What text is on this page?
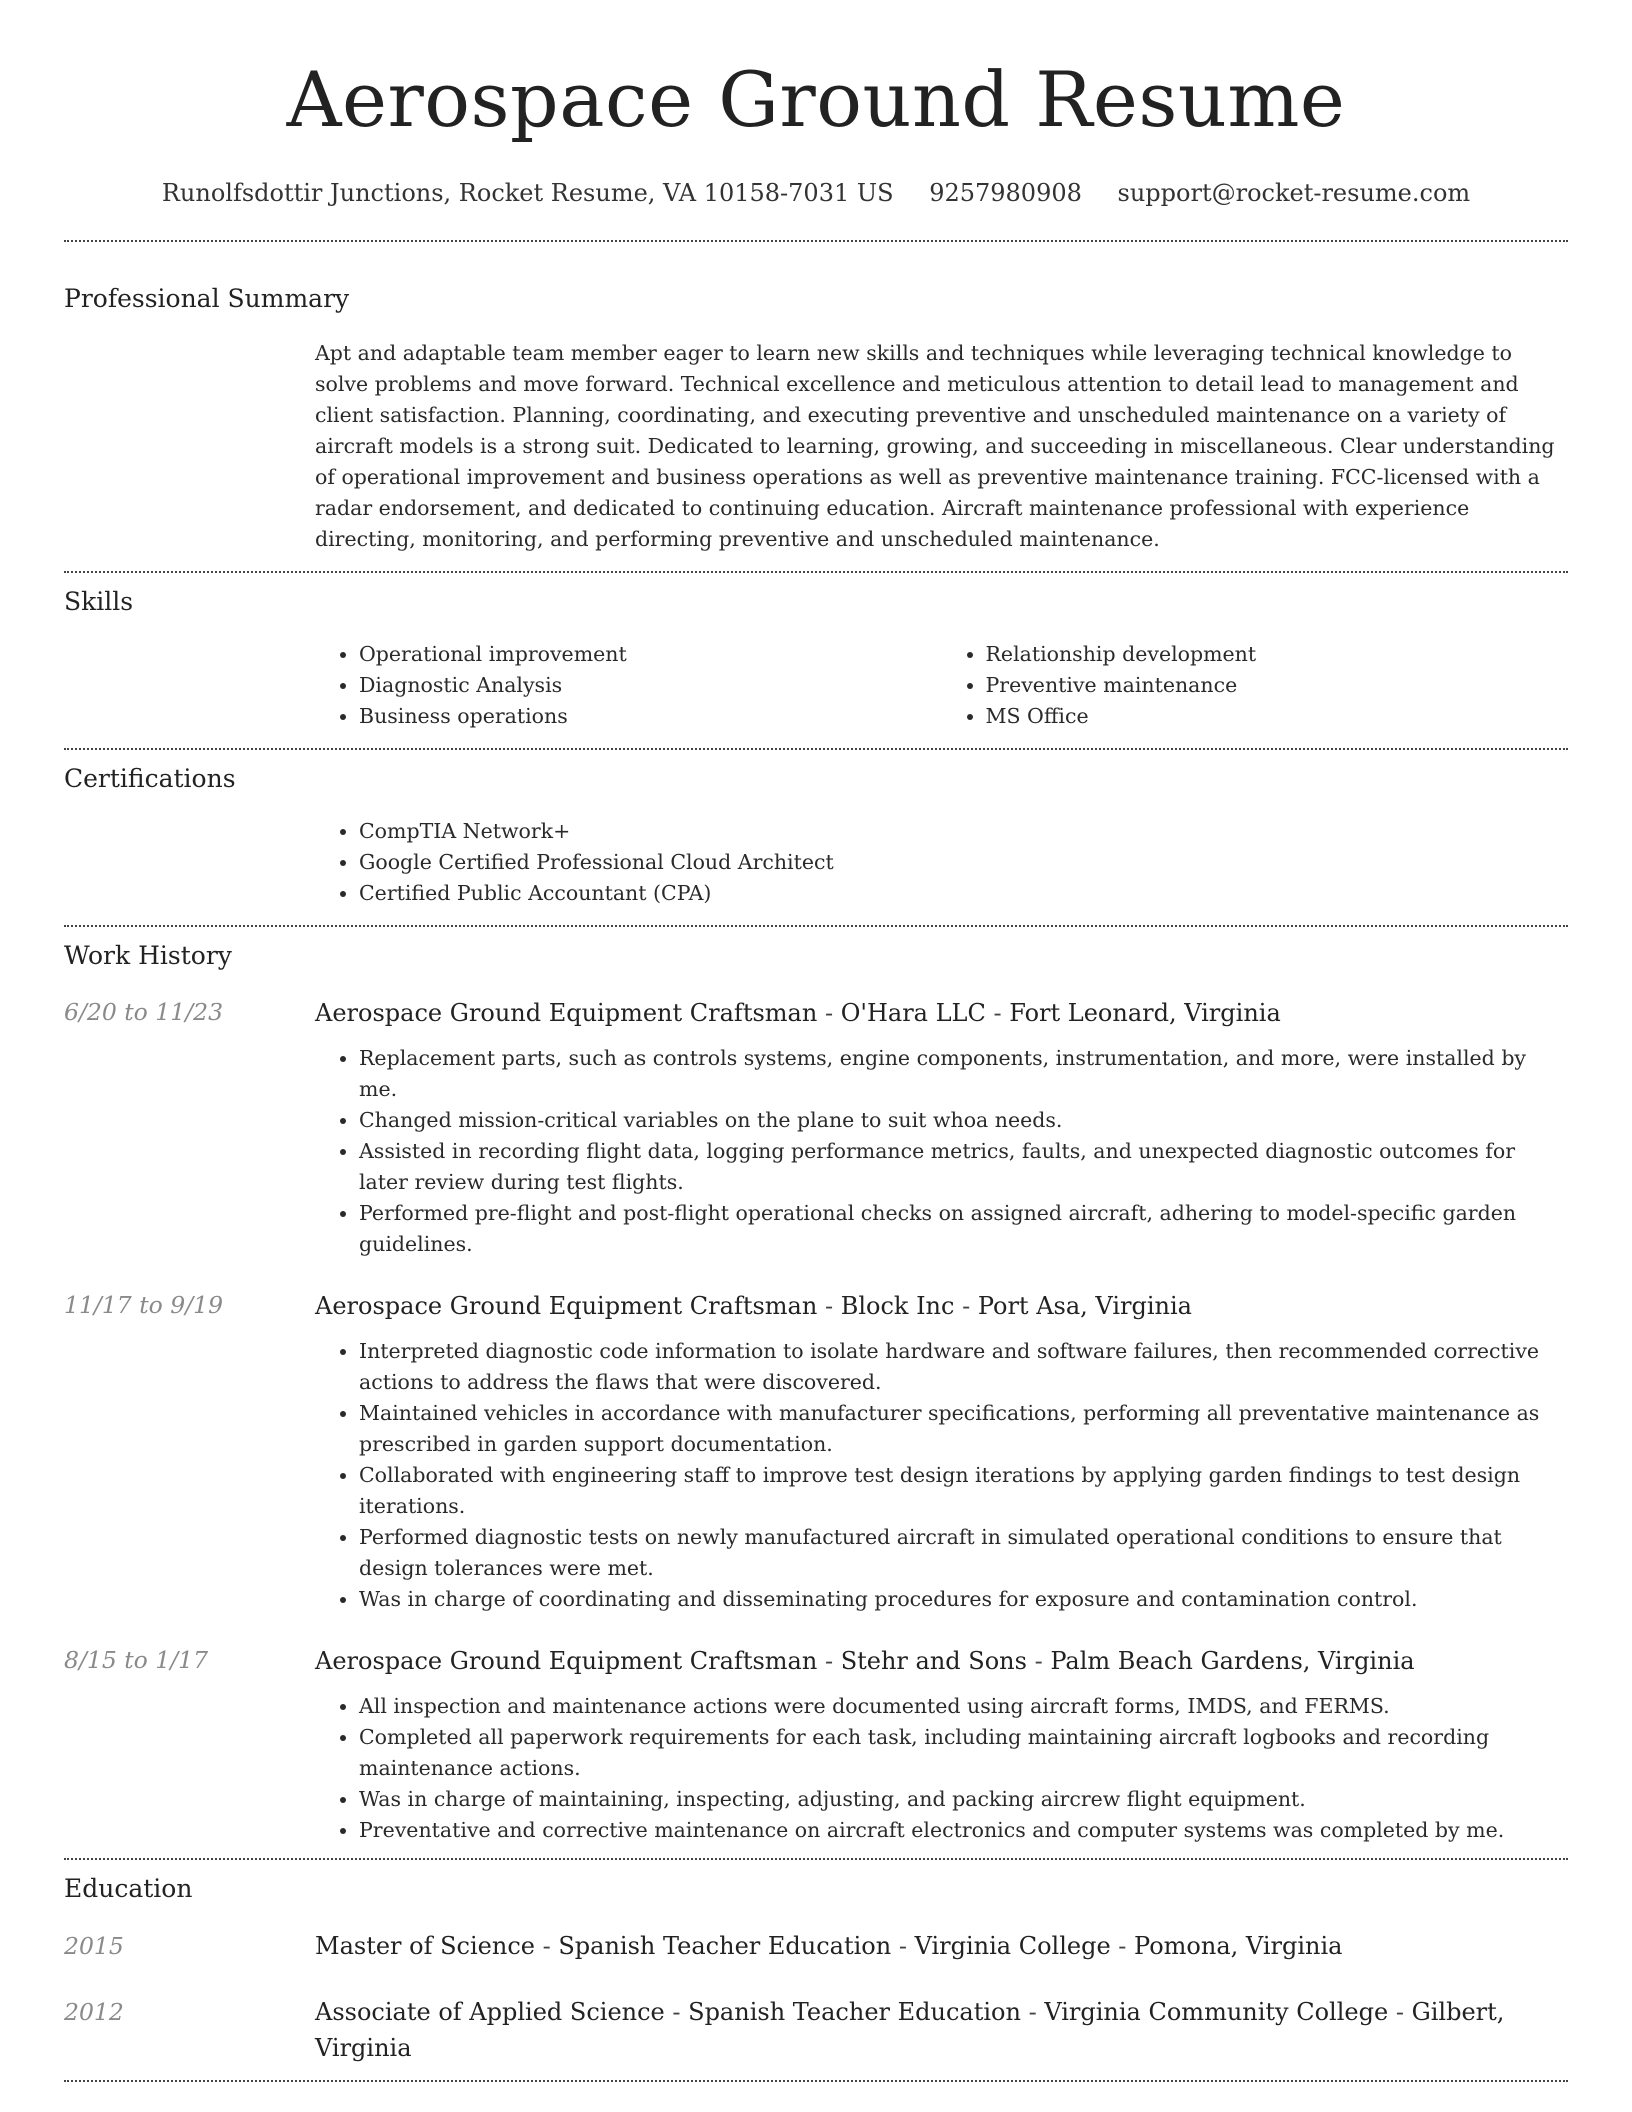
Aerospace Ground Resume
Runolfsdottir Junctions, Rocket Resume, VA 10158-7031 US 9257980908 support@rocket-resume.com
Professional Summary

Apt and adaptable team member eager to learn new skills and techniques while leveraging technical knowledge to solve problems and move forward. Technical excellence and meticulous attention to detail lead to management and client satisfaction. Planning, coordinating, and executing preventive and unscheduled maintenance on a variety of aircraft models is a strong suit. Dedicated to learning, growing, and succeeding in miscellaneous. Clear understanding of operational improvement and business operations as well as preventive maintenance training. FCC-licensed with a radar endorsement, and dedicated to continuing education. Aircraft maintenance professional with experience directing, monitoring, and performing preventive and unscheduled maintenance.

Skills
• Operational improvement
• Diagnostic Analysis
• Business operations
• Relationship development
• Preventive maintenance
• MS Office
Certifications
• CompTIA Network+
• Google Certified Professional Cloud Architect
• Certified Public Accountant (CPA)
Work History
6/20 to 11/23	Aerospace Ground Equipment Craftsman - O'Hara LLC - Fort Leonard, Virginia
• Replacement parts, such as controls systems, engine components, instrumentation, and more, were installed by me.
• Changed mission-critical variables on the plane to suit whoa needs.
• Assisted in recording flight data, logging performance metrics, faults, and unexpected diagnostic outcomes for later review during test flights.
• Performed pre-flight and post-flight operational checks on assigned aircraft, adhering to model-specific garden guidelines.
11/17 to 9/19	Aerospace Ground Equipment Craftsman - Block Inc - Port Asa, Virginia
• Interpreted diagnostic code information to isolate hardware and software failures, then recommended corrective actions to address the flaws that were discovered.
• Maintained vehicles in accordance with manufacturer specifications, performing all preventative maintenance as prescribed in garden support documentation.
• Collaborated with engineering staff to improve test design iterations by applying garden findings to test design iterations.
• Performed diagnostic tests on newly manufactured aircraft in simulated operational conditions to ensure that design tolerances were met.
• Was in charge of coordinating and disseminating procedures for exposure and contamination control.
8/15 to 1/17	Aerospace Ground Equipment Craftsman - Stehr and Sons - Palm Beach Gardens, Virginia
• All inspection and maintenance actions were documented using aircraft forms, IMDS, and FERMS.
• Completed all paperwork requirements for each task, including maintaining aircraft logbooks and recording maintenance actions.
• Was in charge of maintaining, inspecting, adjusting, and packing aircrew flight equipment.
• Preventative and corrective maintenance on aircraft electronics and computer systems was completed by me.
Education
2015	Master of Science - Spanish Teacher Education - Virginia College - Pomona, Virginia
2012	Associate of Applied Science - Spanish Teacher Education - Virginia Community College - Gilbert, Virginia
